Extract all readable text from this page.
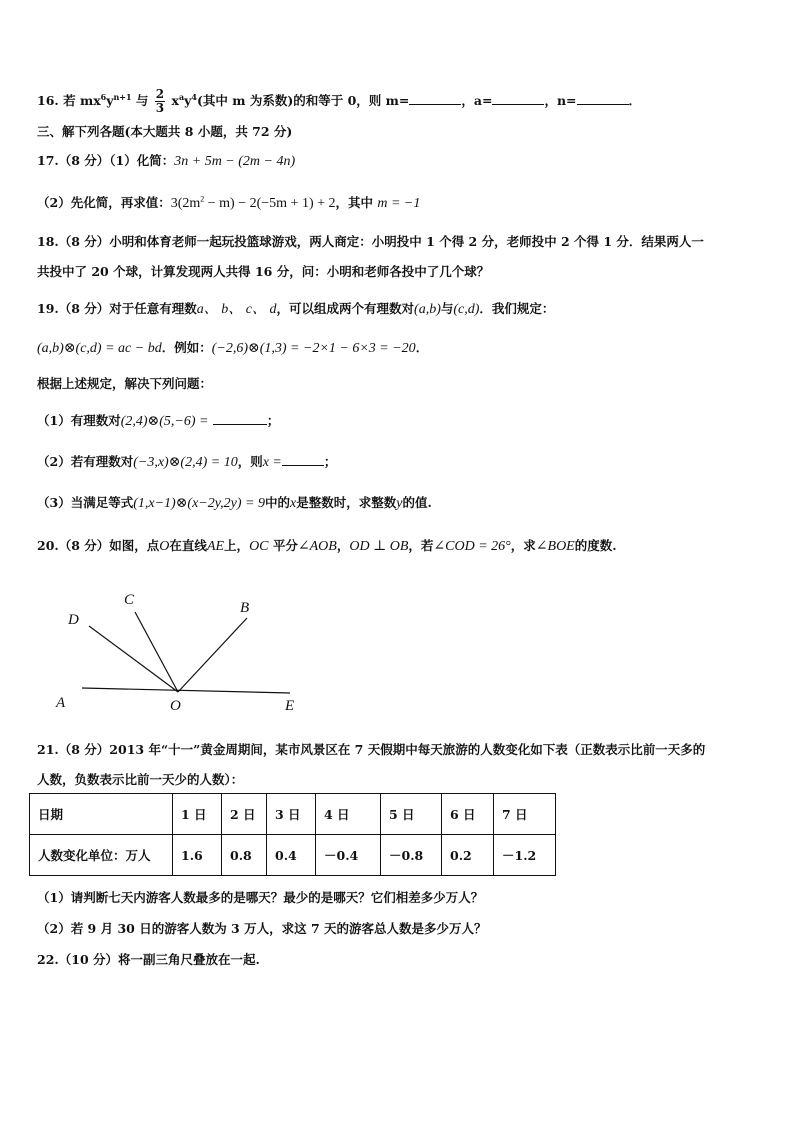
16. 若 $mx^6y^{n+1}$ 与 $\frac{2}{3} x^ay^4$(其中 m 为系数)的和等于 0，则 m=	，a=	，n=	．
三、解下列各题(本大题共 8 小题，共 72 分)
17.（8 分）（1）化简：3n + 5m − (2m − 4n)
（2）先化简，再求值：$3(2m^2 - m) - 2(-5m + 1) + 2$，其中 m = −1
18.（8 分）小明和体育老师一起玩投篮球游戏，两人商定：小明投中 1 个得 2 分，老师投中 2 个得 1 分．结果两人一
共投中了 20 个球，计算发现两人共得 16 分，问：小明和老师各投中了几个球？
19.（8 分）对于任意有理数a、 b、 c、 d，可以组成两个有理数对(a,b)与(c,d)．我们规定：
(a,b)⊗(c,d) = ac − bd．例如：(−2,6)⊗(1,3) = −2×1 − 6×3 = −20．
根据上述规定，解决下列问题：
（1）有理数对(2,4)⊗(5,−6) =	；
（2）若有理数对(−3,x)⊗(2,4) = 10，则x =	；
（3）当满足等式(1,x−1)⊗(x−2y,2y) = 9中的x是整数时，求整数y的值.
20.（8 分）如图，点O在直线AE上，OC 平分∠AOB，OD ⊥ OB，若∠COD = 26°，求∠BOE的度数.
D
C	B
A	O	E
21.（8 分）2013 年“十一”黄金周期间，某市风景区在 7 天假期中每天旅游的人数变化如下表（正数表示比前一天多的
人数，负数表示比前一天少的人数）：
日期	1 日	2 日	3 日	4 日	5 日	6 日	7 日
人数变化单位：万人	1.6	0.8	0.4	－0.4	－0.8	0.2	－1.2
（1）请判断七天内游客人数最多的是哪天？最少的是哪天？它们相差多少万人？
（2）若 9 月 30 日的游客人数为 3 万人，求这 7 天的游客总人数是多少万人？
22.（10 分）将一副三角尺叠放在一起.
